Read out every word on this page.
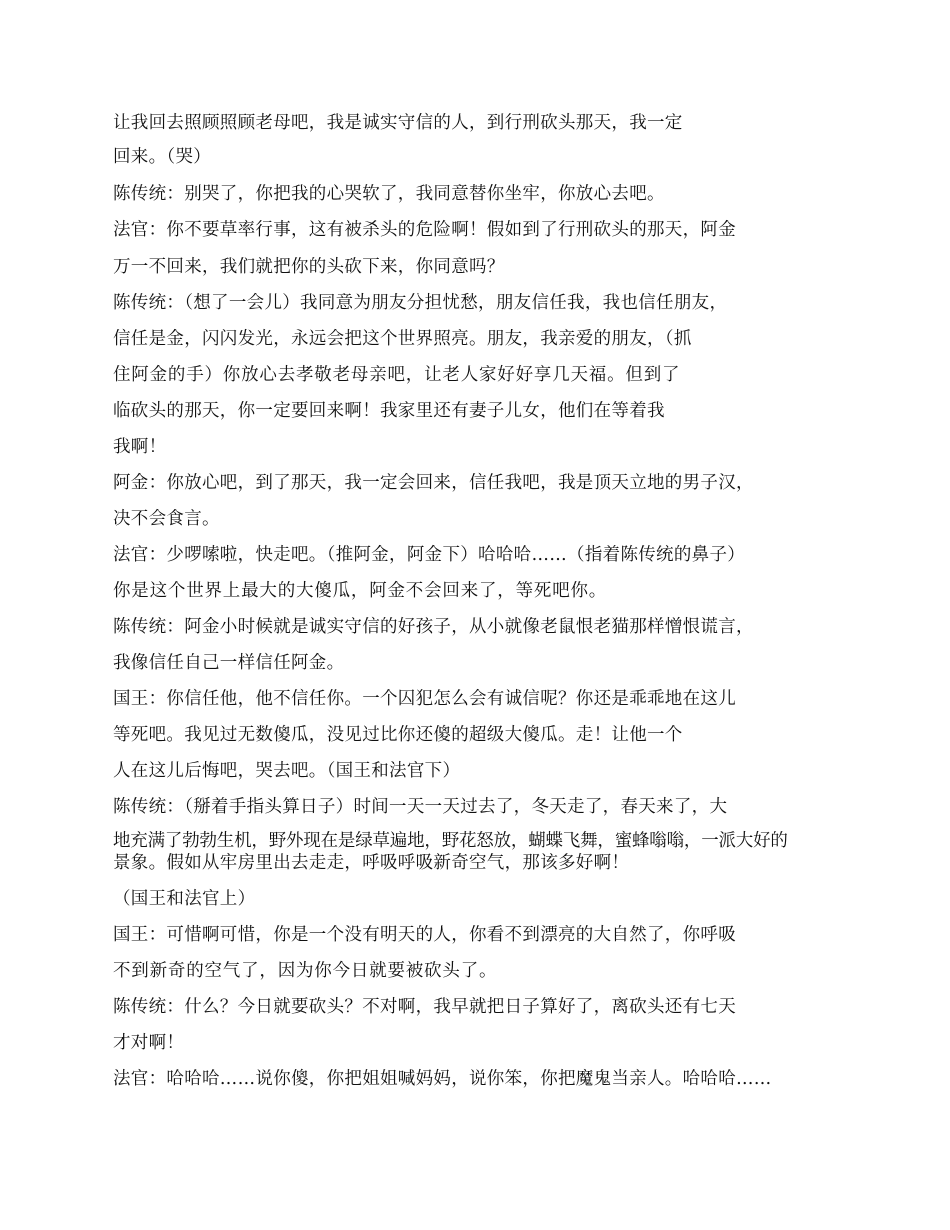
让我回去照顾照顾老母吧，我是诚实守信的人，到行刑砍头那天，我一定
回来。（哭）
陈传统：别哭了，你把我的心哭软了，我同意替你坐牢，你放心去吧。
法官：你不要草率行事，这有被杀头的危险啊！假如到了行刑砍头的那天，阿金
万一不回来，我们就把你的头砍下来，你同意吗？
陈传统：（想了一会儿）我同意为朋友分担忧愁，朋友信任我，我也信任朋友，
信任是金，闪闪发光，永远会把这个世界照亮。朋友，我亲爱的朋友，（抓
住阿金的手）你放心去孝敬老母亲吧，让老人家好好享几天福。但到了
临砍头的那天，你一定要回来啊！我家里还有妻子儿女，他们在等着我
我啊！
阿金：你放心吧，到了那天，我一定会回来，信任我吧，我是顶天立地的男子汉，
决不会食言。
法官：少啰嗦啦，快走吧。（推阿金，阿金下）哈哈哈……（指着陈传统的鼻子）
你是这个世界上最大的大傻瓜，阿金不会回来了，等死吧你。
陈传统：阿金小时候就是诚实守信的好孩子，从小就像老鼠恨老猫那样憎恨谎言，
我像信任自己一样信任阿金。
国王：你信任他，他不信任你。一个囚犯怎么会有诚信呢？你还是乖乖地在这儿
等死吧。我见过无数傻瓜，没见过比你还傻的超级大傻瓜。走！让他一个
人在这儿后悔吧，哭去吧。（国王和法官下）
陈传统：（掰着手指头算日子）时间一天一天过去了，冬天走了，春天来了，大
地充满了勃勃生机，野外现在是绿草遍地，野花怒放，蝴蝶飞舞，蜜蜂嗡嗡，一派大好的
景象。假如从牢房里出去走走，呼吸呼吸新奇空气，那该多好啊！
（国王和法官上）
国王：可惜啊可惜，你是一个没有明天的人，你看不到漂亮的大自然了，你呼吸
不到新奇的空气了，因为你今日就要被砍头了。
陈传统：什么？今日就要砍头？不对啊，我早就把日子算好了，离砍头还有七天
才对啊！
法官：哈哈哈……说你傻，你把姐姐喊妈妈，说你笨，你把魔鬼当亲人。哈哈哈……
